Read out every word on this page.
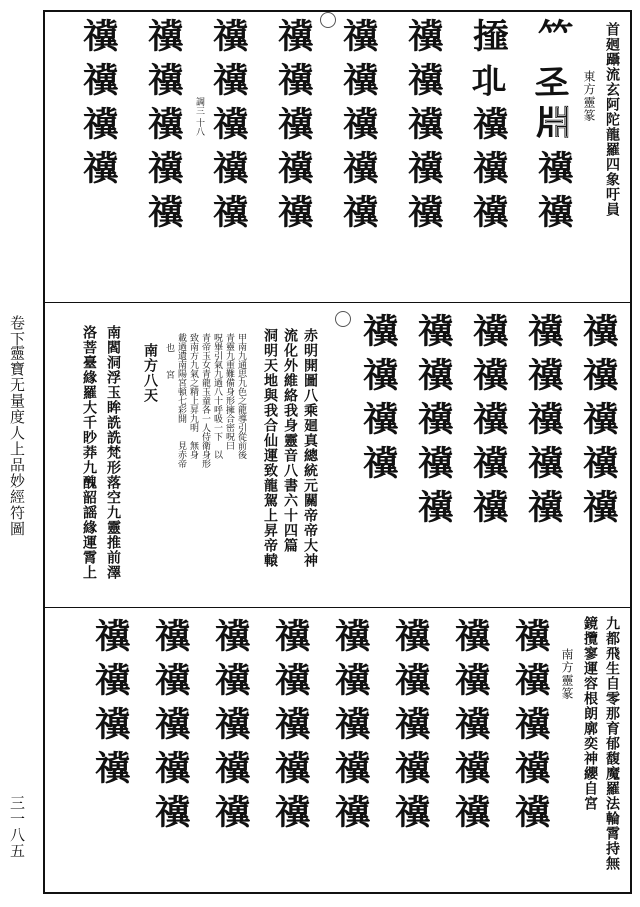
靈寶无量度人上品妙經符圖
卷下
三一八五
首𢌞躡流玄阿陀龍羅四象吁員
東方靈篆
調三 十八	𥫗𢀖𣶒𥜥𥜥
𢶍𢀗𥜥𥜥𥜥
𥜥𥜥𥜥𥜥𥜥
𥜥𥜥𥜥𥜥𥜥
𥜥𥜥𥜥𥜥𥜥
𥜥𥜥𥜥𥜥𥜥
𥜥𥜥𥜥𥜥𥜥
𥜥𥜥𥜥𥜥
𥜥𥜥𥜥𥜥𥜥
𥜥𥜥𥜥𥜥𥜥
𥜥𥜥𥜥𥜥𥜥
𥜥𥜥𥜥𥜥𥜥
𥜥𥜥𥜥𥜥
赤明開圖八乘廻真總統元關帝帝大神
洞明天地與我合仙運致龍駕上昇帝轅 流化外維絡我身靈音八書六十四篇
甲南九通思九色之龍導引從前後
青靈九重難備身形擁合密呪曰
呪畢引氣九過八十呼吸一下　以
青帝玉女青龍玉童各一人侍衛身形
致南方九氣之精上昇九明　無身
載過遺南陽宮頓七彩開　　見赤帝
也　　宮
南方八天
南閻洞浮玉眸詵詵梵形落空九靈推前澤
洛菩臺緣羅大千眇莽九醜韶謡緣運霄上
九都飛生自零那育郁馥魔羅法輪霄持無
鏡攬寥運容根朗廓奕神纓自宮
南方靈篆
𥜥𥜥𥜥𥜥𥜥
𥜥𥜥𥜥𥜥𥜥
𥜥𥜥𥜥𥜥𥜥
𥜥𥜥𥜥𥜥𥜥
𥜥𥜥𥜥𥜥𥜥
𥜥𥜥𥜥𥜥𥜥
𥜥𥜥𥜥𥜥𥜥
𥜥𥜥𥜥𥜥
